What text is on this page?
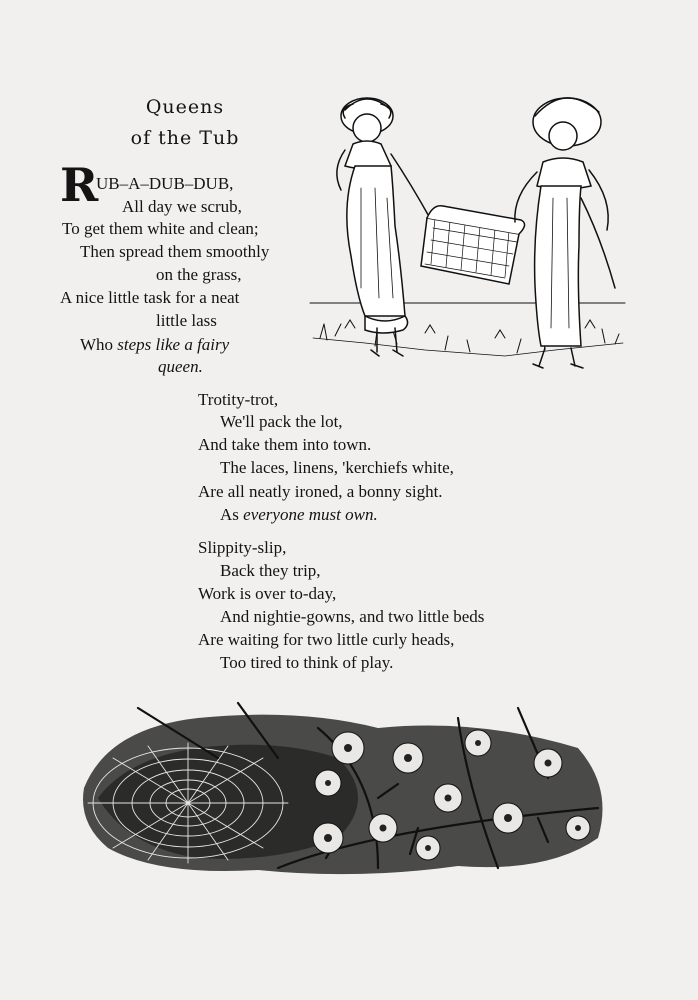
Queens
of the Tub
R
UB–A–DUB–DUB,
All day we scrub,
To get them white and clean;
Then spread them smoothly
on the grass,
A nice little task for a neat
little lass
Who steps like a fairy
queen.
Trotity-trot,
We'll pack the lot,
And take them into town.
The laces, linens, 'kerchiefs white,
Are all neatly ironed, a bonny sight.
As everyone must own.
Slippity-slip,
Back they trip,
Work is over to-day,
And nightie-gowns, and two little beds
Are waiting for two little curly heads,
Too tired to think of play.
